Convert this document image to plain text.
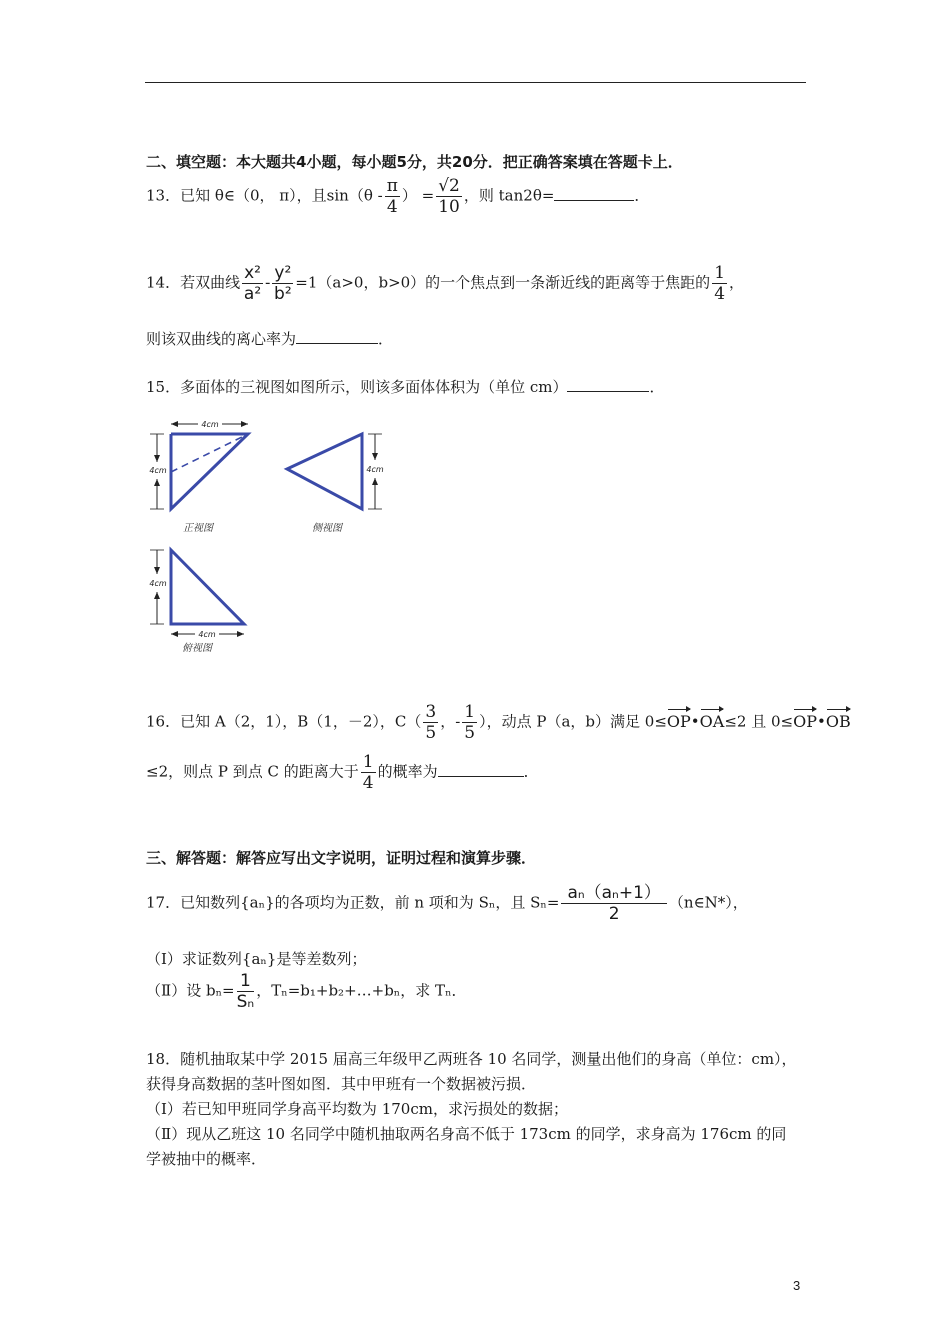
二、填空题：本大题共4小题，每小题5分，共20分．把正确答案填在答题卡上．
13．已知 θ∈（0， π），且$\sin(\theta - \frac{\pi}{4}$ ） = $\frac{√2}{10}$ ，则 tan2θ=	．
14．若双曲线 $\frac{\text{x²}}{\text{a²}} - \frac{\text{y²}}{\text{b²}} =1(a>0$，b>0）的一个焦点到一条渐近线的距离等于焦距的 $\frac{1}{4}$ ，
则该双曲线的离心率为	．
15．多面体的三视图如图所示，则该多面体体积为（单位 cm）	．
4cm
4cm
正视图
4cm
侧视图
4cm
4cm
俯视图
16．已知 A（2，1），B（1，－2），$C( \frac{3}{5}$ ，- $\frac{1}{5}$ ），动点 P（a，b）满足 0≤OP•OA≤2 且 0≤OP•OB
≤2，则点 P 到点 C 的距离大于 $\frac{1}{4}$ 的概率为	．
三、解答题：解答应写出文字说明，证明过程和演算步骤．
17．已知数列{aₙ}的各项均为正数，前 n 项和为 Sₙ，且 $S_n= \frac{\text{aₙ（aₙ+1）}}{2}$ （n∈N*），
（Ⅰ）求证数列{aₙ}是等差数列；
（Ⅱ）设 $b_n= \frac{1}{\text{Sₙ}}$ ，Tₙ=b₁+b₂+…+bₙ，求 Tₙ．
18．随机抽取某中学 2015 届高三年级甲乙两班各 10 名同学，测量出他们的身高（单位：cm），
获得身高数据的茎叶图如图．其中甲班有一个数据被污损．
（Ⅰ）若已知甲班同学身高平均数为 170cm，求污损处的数据；
（Ⅱ）现从乙班这 10 名同学中随机抽取两名身高不低于 173cm 的同学，求身高为 176cm 的同
学被抽中的概率．
3
